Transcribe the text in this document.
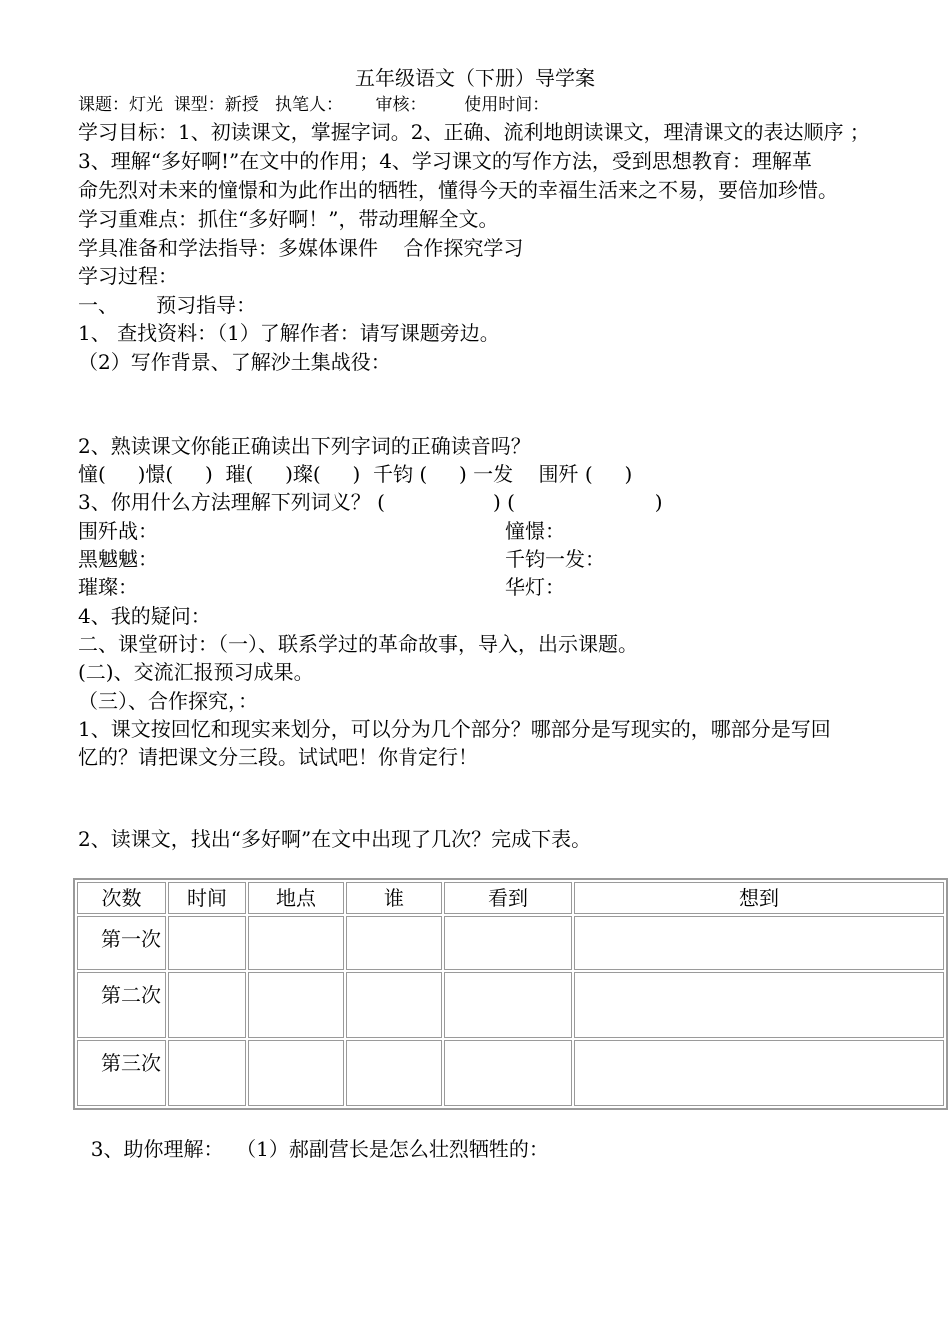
五年级语文（下册）导学案
课题：灯光  课型：新授   执笔人：      审核：       使用时间：
学习目标：1、初读课文，掌握字词。2、正确、流利地朗读课文，理清课文的表达顺序 ；
3、理解“多好啊!”在文中的作用；4、学习课文的写作方法，受到思想教育：理解革
命先烈对未来的憧憬和为此作出的牺牲，懂得今天的幸福生活来之不易，要倍加珍惜。
学习重难点：抓住“多好啊！”，带动理解全文。
学具准备和学法指导：多媒体课件    合作探究学习
学习过程：
一、      预习指导：
1、 查找资料：（1）了解作者：请写课题旁边。
（2）写作背景、了解沙土集战役：
2、熟读课文你能正确读出下列字词的正确读音吗？
憧(     )憬(     )  璀(     )璨(     )  千钧 (     ) 一发    围歼 (     )
3、你用什么方法理解下列词义？ (                 ) (                      )
围歼战：	憧憬：
黑魆魆：	千钧一发：
璀璨：	华灯：
4、我的疑问：
二、课堂研讨：（一）、联系学过的革命故事，导入，出示课题。
(二)、交流汇报预习成果。
（三）、合作探究，：
1、课文按回忆和现实来划分，可以分为几个部分？哪部分是写现实的，哪部分是写回
忆的？请把课文分三段。试试吧！你肯定行！
2、读课文，找出“多好啊”在文中出现了几次？完成下表。
次数	时间	地点	谁	看到	想到
第一次					
第二次					
第三次					
3、助你理解：  （1）郝副营长是怎么壮烈牺牲的：
